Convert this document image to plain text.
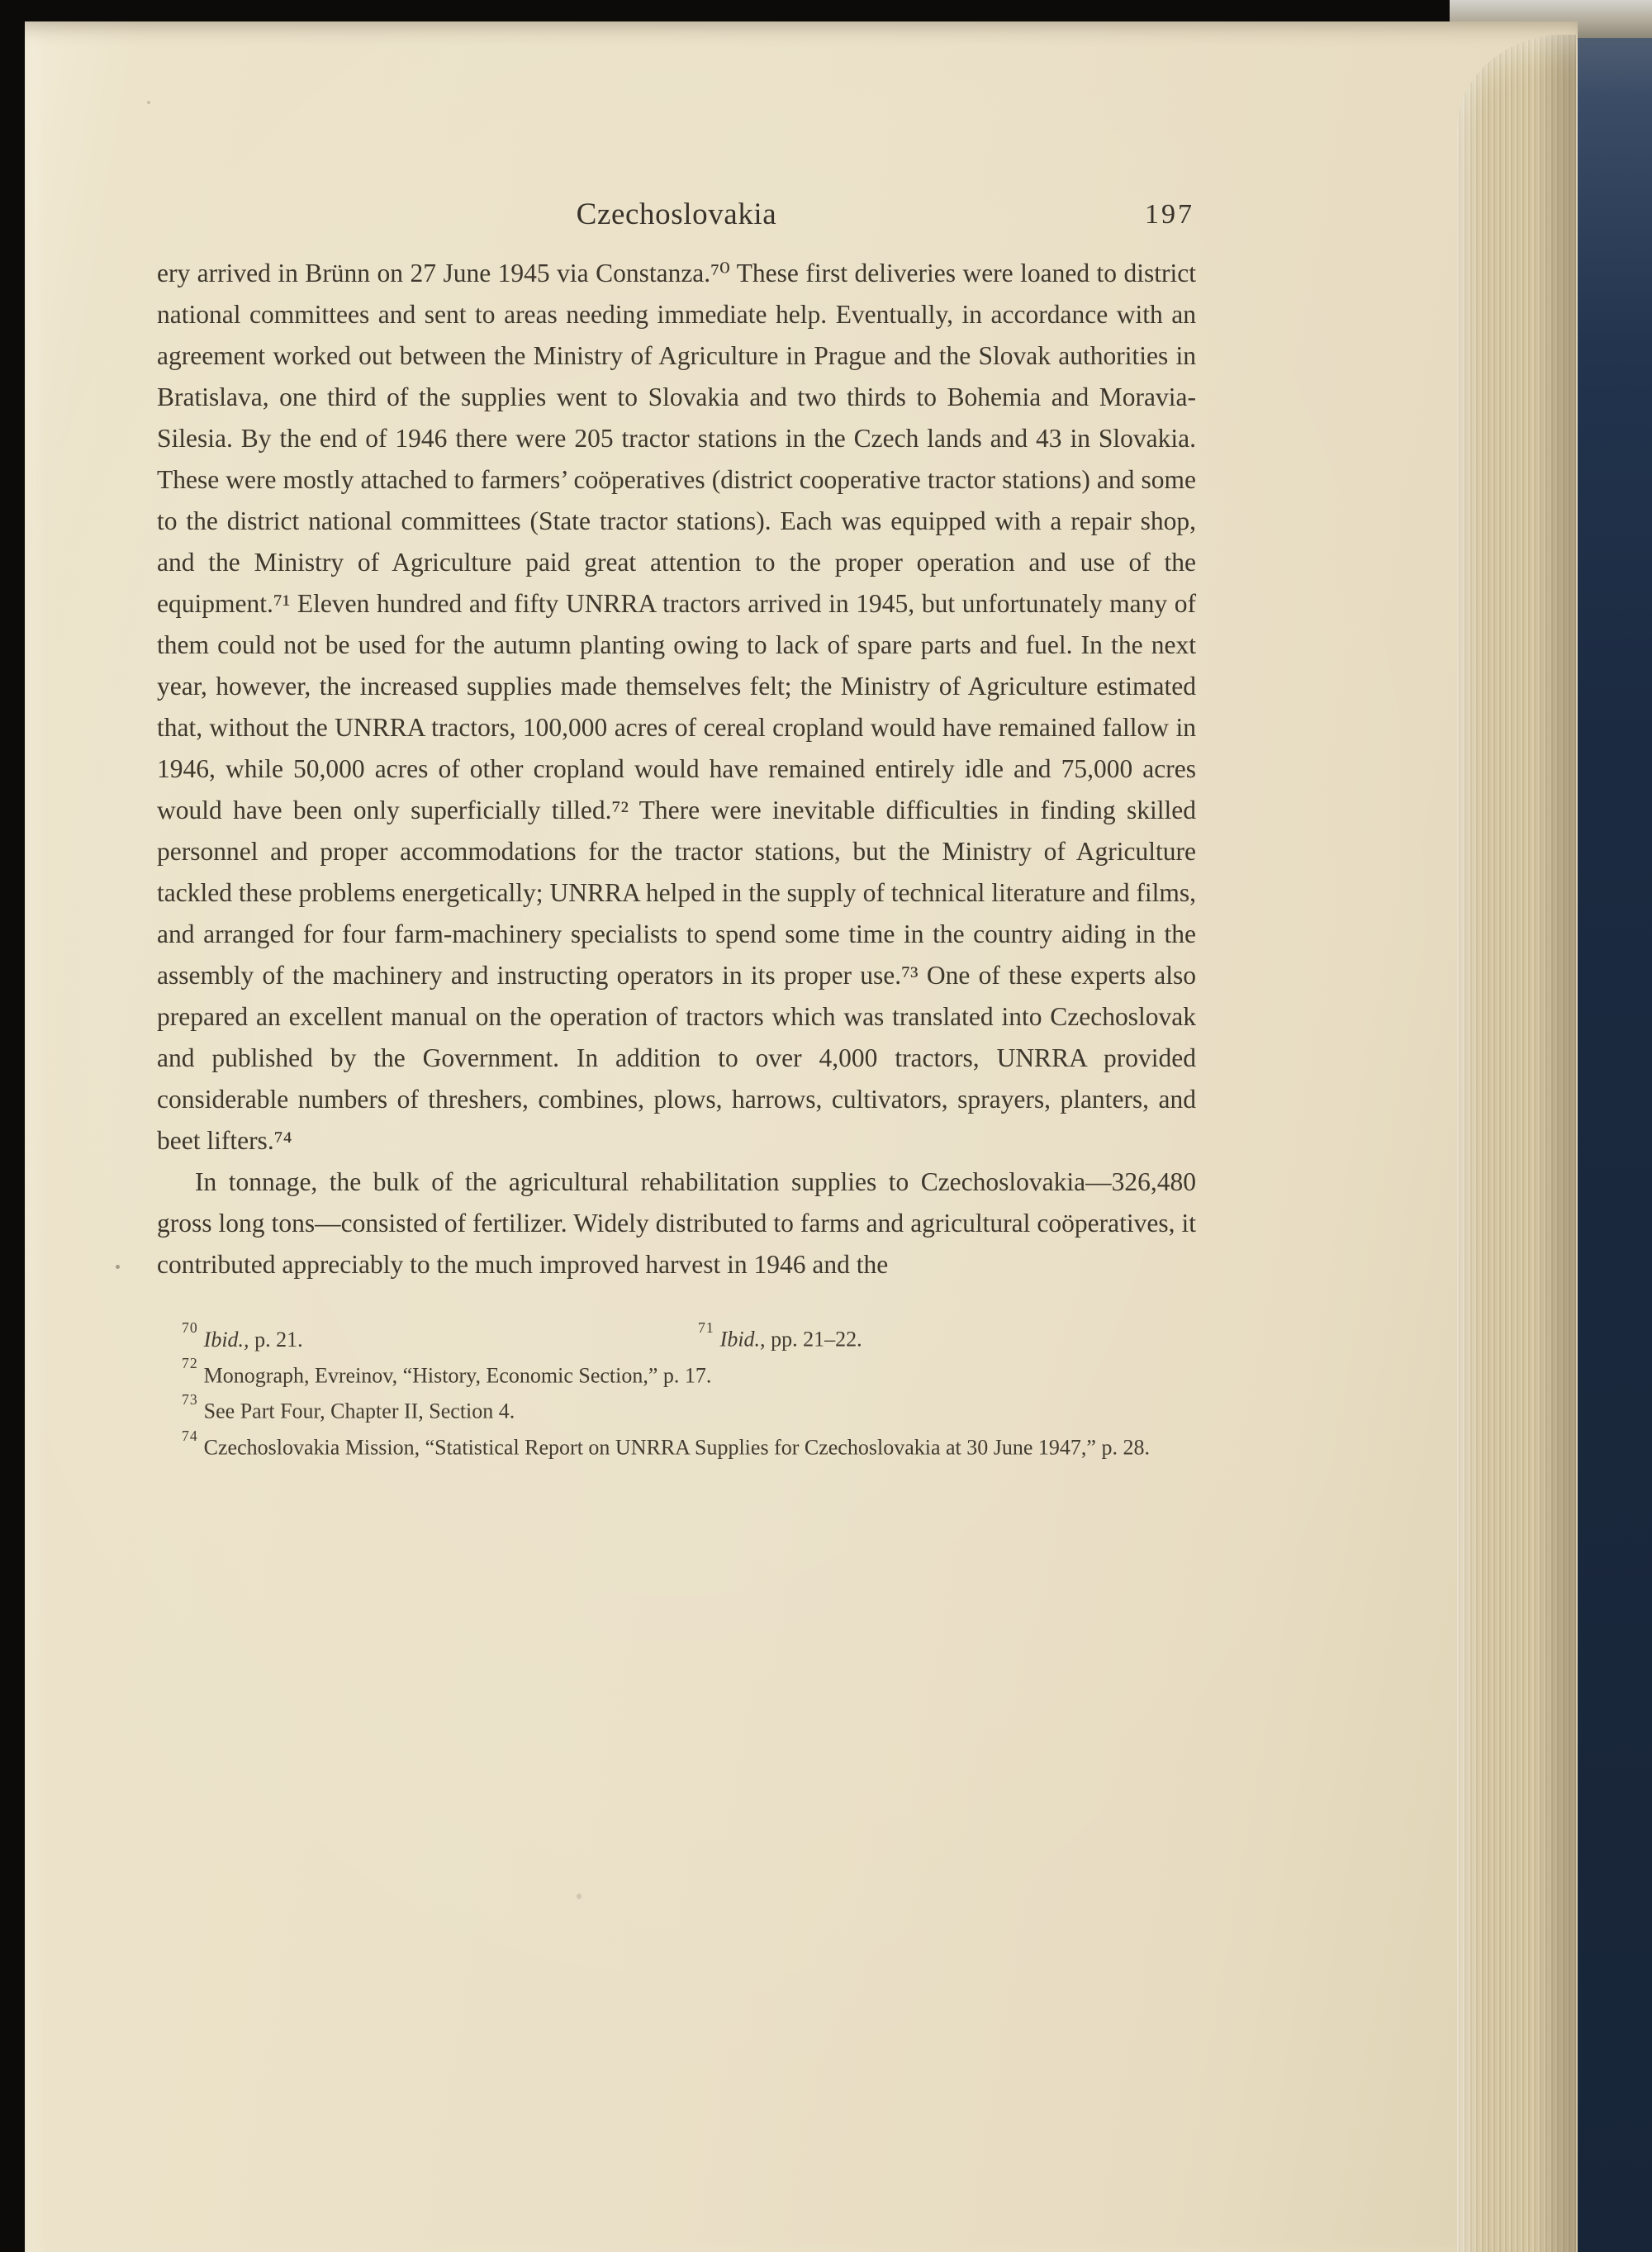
Czechoslovakia	197

ery arrived in Brünn on 27 June 1945 via Constanza.⁷⁰ These first deliveries were loaned to district national committees and sent to areas needing immediate help. Eventually, in accordance with an agreement worked out between the Ministry of Agriculture in Prague and the Slovak authorities in Bratislava, one third of the supplies went to Slovakia and two thirds to Bohemia and Moravia-Silesia. By the end of 1946 there were 205 tractor stations in the Czech lands and 43 in Slovakia. These were mostly attached to farmers’ coöperatives (district cooperative tractor stations) and some to the district national committees (State tractor stations). Each was equipped with a repair shop, and the Ministry of Agriculture paid great attention to the proper operation and use of the equipment.⁷¹ Eleven hundred and fifty UNRRA tractors arrived in 1945, but unfortunately many of them could not be used for the autumn planting owing to lack of spare parts and fuel. In the next year, however, the increased supplies made themselves felt; the Ministry of Agriculture estimated that, without the UNRRA tractors, 100,000 acres of cereal cropland would have remained fallow in 1946, while 50,000 acres of other cropland would have remained entirely idle and 75,000 acres would have been only superficially tilled.⁷² There were inevitable difficulties in finding skilled personnel and proper accommodations for the tractor stations, but the Ministry of Agriculture tackled these problems energetically; UNRRA helped in the supply of technical literature and films, and arranged for four farm-machinery specialists to spend some time in the country aiding in the assembly of the machinery and instructing operators in its proper use.⁷³ One of these experts also prepared an excellent manual on the operation of tractors which was translated into Czechoslovak and published by the Government. In addition to over 4,000 tractors, UNRRA provided considerable numbers of threshers, combines, plows, harrows, cultivators, sprayers, planters, and beet lifters.⁷⁴

In tonnage, the bulk of the agricultural rehabilitation supplies to Czechoslovakia—326,480 gross long tons—consisted of fertilizer. Widely distributed to farms and agricultural coöperatives, it contributed appreciably to the much improved harvest in 1946 and the

$^{70}$Ibid., p. 21.
$^{71}$Ibid., pp. 21–22.
$^{72}$Monograph, Evreinov, “History, Economic Section,” p. 17.
$^{73}$See Part Four, Chapter II, Section 4.

$^{74}$Czechoslovakia Mission, “Statistical Report on UNRRA Supplies for Czechoslovakia at 30 June 1947,” p. 28.
